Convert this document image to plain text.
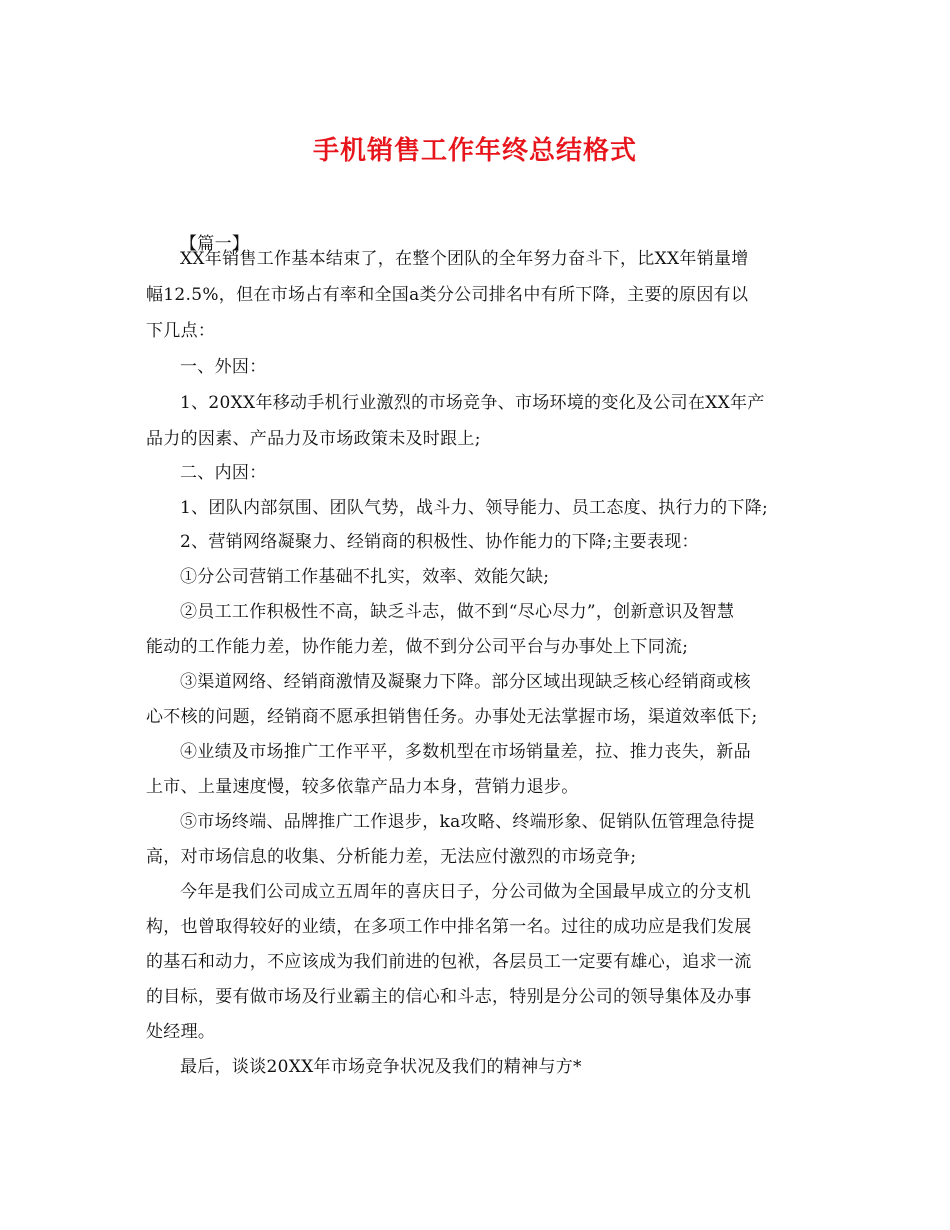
手机销售工作年终总结格式
【篇一】
XX年销售工作基本结束了，在整个团队的全年努力奋斗下，比XX年销量增
幅12.5%，但在市场占有率和全国a类分公司排名中有所下降，主要的原因有以
下几点：
一、外因：
1、20XX年移动手机行业激烈的市场竞争、市场环境的变化及公司在XX年产
品力的因素、产品力及市场政策未及时跟上;
二、内因：
1、团队内部氛围、团队气势，战斗力、领导能力、员工态度、执行力的下降;
2、营销网络凝聚力、经销商的积极性、协作能力的下降;主要表现：
①分公司营销工作基础不扎实，效率、效能欠缺;
②员工工作积极性不高，缺乏斗志，做不到“尽心尽力”，创新意识及智慧
能动的工作能力差，协作能力差，做不到分公司平台与办事处上下同流;
③渠道网络、经销商激情及凝聚力下降。部分区域出现缺乏核心经销商或核
心不核的问题，经销商不愿承担销售任务。办事处无法掌握市场，渠道效率低下;
④业绩及市场推广工作平平，多数机型在市场销量差，拉、推力丧失，新品
上市、上量速度慢，较多依靠产品力本身，营销力退步。
⑤市场终端、品牌推广工作退步，ka攻略、终端形象、促销队伍管理急待提
高，对市场信息的收集、分析能力差，无法应付激烈的市场竞争;
今年是我们公司成立五周年的喜庆日子，分公司做为全国最早成立的分支机
构，也曾取得较好的业绩，在多项工作中排名第一名。过往的成功应是我们发展
的基石和动力，不应该成为我们前进的包袱，各层员工一定要有雄心，追求一流
的目标，要有做市场及行业霸主的信心和斗志，特别是分公司的领导集体及办事
处经理。
最后，谈谈20XX年市场竞争状况及我们的精神与方*
